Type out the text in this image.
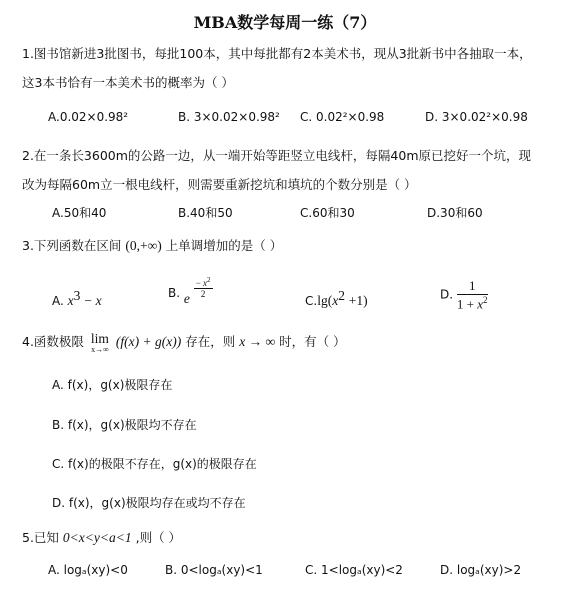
MBA数学每周一练（7）
1.图书馆新进3批图书，每批100本，其中每批都有2本美术书，现从3批新书中各抽取一本，
这3本书恰有一本美术书的概率为（ ）
A.0.02×0.98²	B. 3×0.02×0.98² C. 0.02²×0.98	D. 3×0.02²×0.98
2.在一条长3600m的公路一边，从一端开始等距竖立电线杆，每隔40m原已挖好一个坑，现
改为每隔60m立一根电线杆，则需要重新挖坑和填坑的个数分别是（ ）
A.50和40	B.40和50	C.60和30	D.30和60
3.下列函数在区间 (0,+∞) 上单调增加的是（ ）
A. $x^3 - x$	B. e $\frac{- x^2}{2}$
$C.\lg(x^2 +1)$	D. $\frac{1}{1 + x^2}$
4.函数极限 lim
x→∞
(f(x) + g(x)) 存在，则 x → ∞ 时，有（ ）
A. f(x)，g(x)极限存在
B. f(x)，g(x)极限均不存在
C. f(x)的极限不存在，g(x)的极限存在
D. f(x)，g(x)极限均存在或均不存在
5.已知 0<x<y<a<1 ,则（ ）
A. logₐ(xy)<0	B. 0<logₐ(xy)<1	C. 1<logₐ(xy)<2	D. logₐ(xy)>2
